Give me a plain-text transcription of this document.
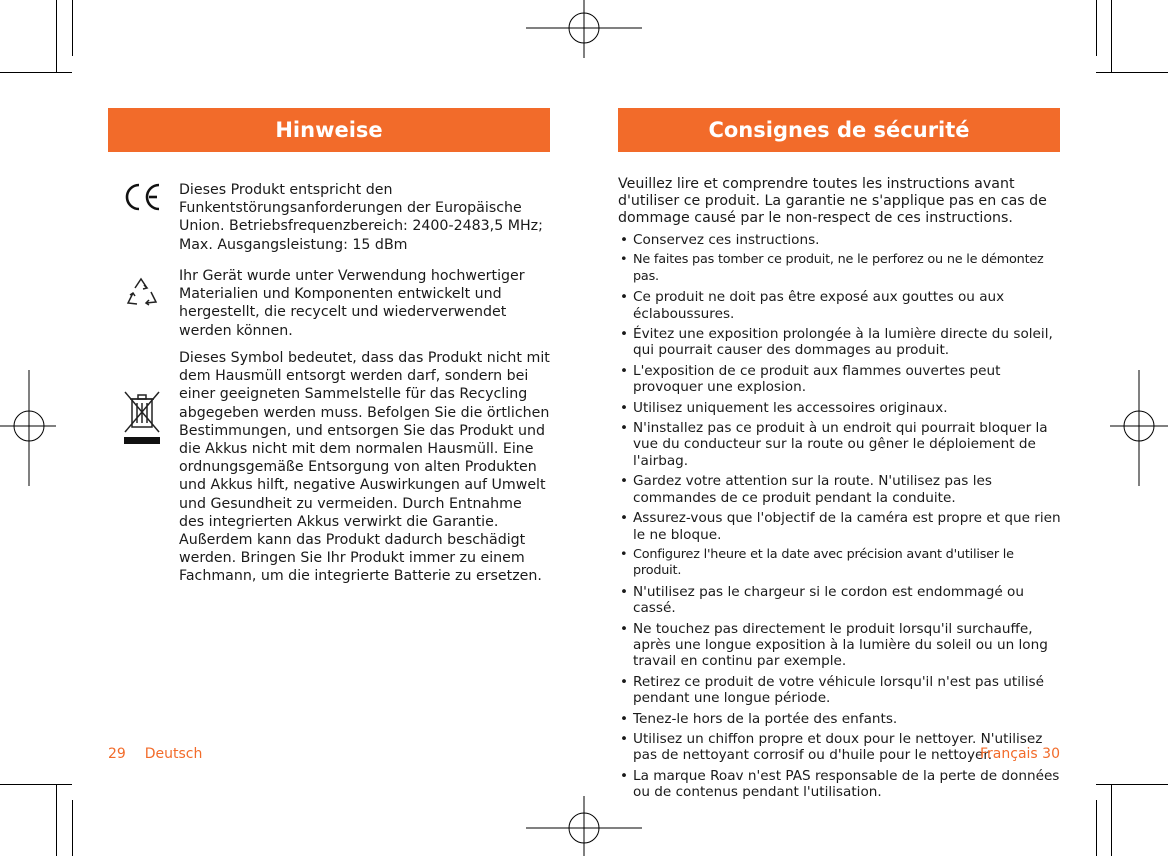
Hinweise
Dieses Produkt entspricht den Funkentstörungsanforderungen der Europäische Union. Betriebsfrequenzbereich: 2400-2483,5 MHz; Max. Ausgangsleistung: 15 dBm
Ihr Gerät wurde unter Verwendung hochwertiger Materialien und Komponenten entwickelt und hergestellt, die recycelt und wiederverwendet werden können.
Dieses Symbol bedeutet, dass das Produkt nicht mit dem Hausmüll entsorgt werden darf, sondern bei einer geeigneten Sammelstelle für das Recycling abgegeben werden muss. Befolgen Sie die örtlichen Bestimmungen, und entsorgen Sie das Produkt und die Akkus nicht mit dem normalen Hausmüll. Eine ordnungsgemäße Entsorgung von alten Produkten und Akkus hilft, negative Auswirkungen auf Umwelt und Gesundheit zu vermeiden. Durch Entnahme des integrierten Akkus verwirkt die Garantie. Außerdem kann das Produkt dadurch beschädigt werden. Bringen Sie Ihr Produkt immer zu einem Fachmann, um die integrierte Batterie zu ersetzen.
29 Deutsch
Consignes de sécurité
Veuillez lire et comprendre toutes les instructions avant d'utiliser ce produit. La garantie ne s'applique pas en cas de dommage causé par le non-respect de ces instructions.
• Conservez ces instructions.
• Ne faites pas tomber ce produit, ne le perforez ou ne le démontez pas.
• Ce produit ne doit pas être exposé aux gouttes ou aux éclaboussures.
• Évitez une exposition prolongée à la lumière directe du soleil, qui pourrait causer des dommages au produit.
• L'exposition de ce produit aux flammes ouvertes peut provoquer une explosion.
• Utilisez uniquement les accessoires originaux.
• N'installez pas ce produit à un endroit qui pourrait bloquer la vue du conducteur sur la route ou gêner le déploiement de l'airbag.
• Gardez votre attention sur la route. N'utilisez pas les commandes de ce produit pendant la conduite.
• Assurez-vous que l'objectif de la caméra est propre et que rien le ne bloque.
• Configurez l'heure et la date avec précision avant d'utiliser le produit.
• N'utilisez pas le chargeur si le cordon est endommagé ou cassé.
• Ne touchez pas directement le produit lorsqu'il surchauffe, après une longue exposition à la lumière du soleil ou un long travail en continu par exemple.
• Retirez ce produit de votre véhicule lorsqu'il n'est pas utilisé pendant une longue période.
• Tenez-le hors de la portée des enfants.
• Utilisez un chiffon propre et doux pour le nettoyer. N'utilisez pas de nettoyant corrosif ou d'huile pour le nettoyer.
• La marque Roav n'est PAS responsable de la perte de données ou de contenus pendant l'utilisation.
Français 30
